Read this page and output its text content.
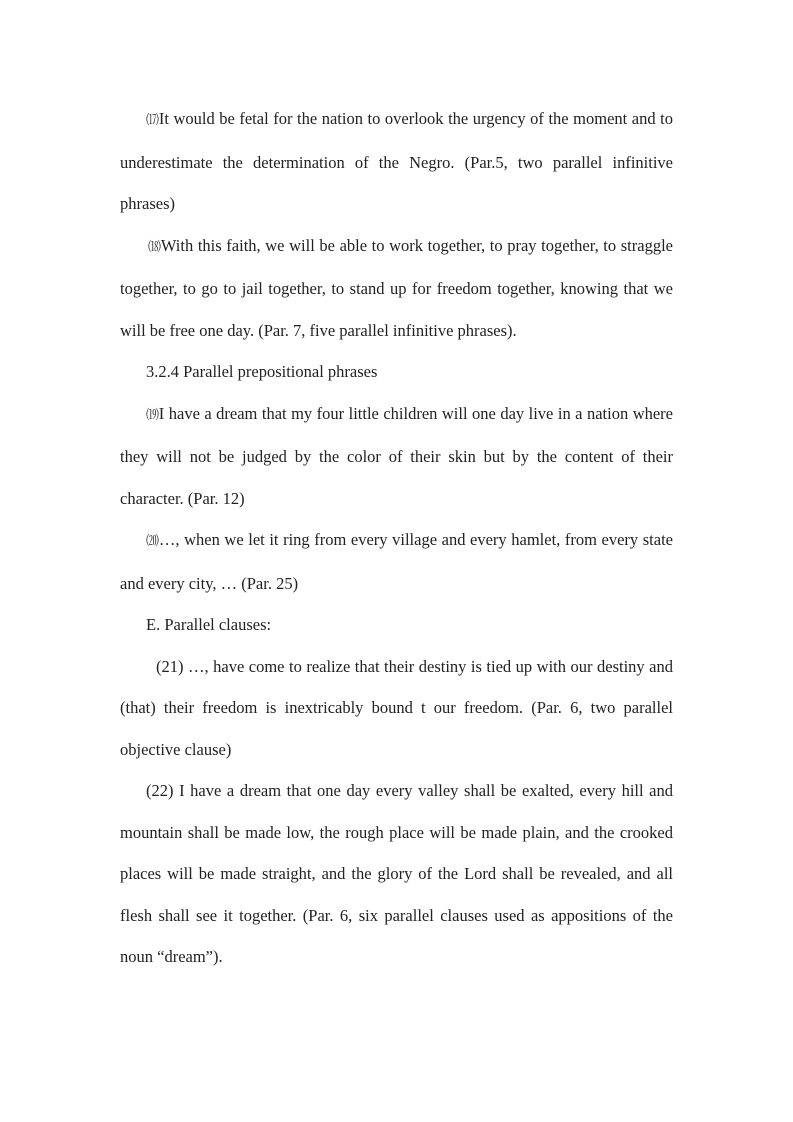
⒄It would be fetal for the nation to overlook the urgency of the moment and to underestimate the determination of the Negro. (Par.5, two parallel infinitive phrases)

⒅With this faith, we will be able to work together, to pray together, to straggle together, to go to jail together, to stand up for freedom together, knowing that we will be free one day. (Par. 7, five parallel infinitive phrases).

3.2.4 Parallel prepositional phrases

⒆I have a dream that my four little children will one day live in a nation where they will not be judged by the color of their skin but by the content of their character. (Par. 12)

⒇…, when we let it ring from every village and every hamlet, from every state and every city, … (Par. 25)

E. Parallel clauses:

(21) …, have come to realize that their destiny is tied up with our destiny and (that) their freedom is inextricably bound t our freedom. (Par. 6, two parallel objective clause)

(22) I have a dream that one day every valley shall be exalted, every hill and mountain shall be made low, the rough place will be made plain, and the crooked places will be made straight, and the glory of the Lord shall be revealed, and all flesh shall see it together. (Par. 6, six parallel clauses used as appositions of the noun “dream”).
